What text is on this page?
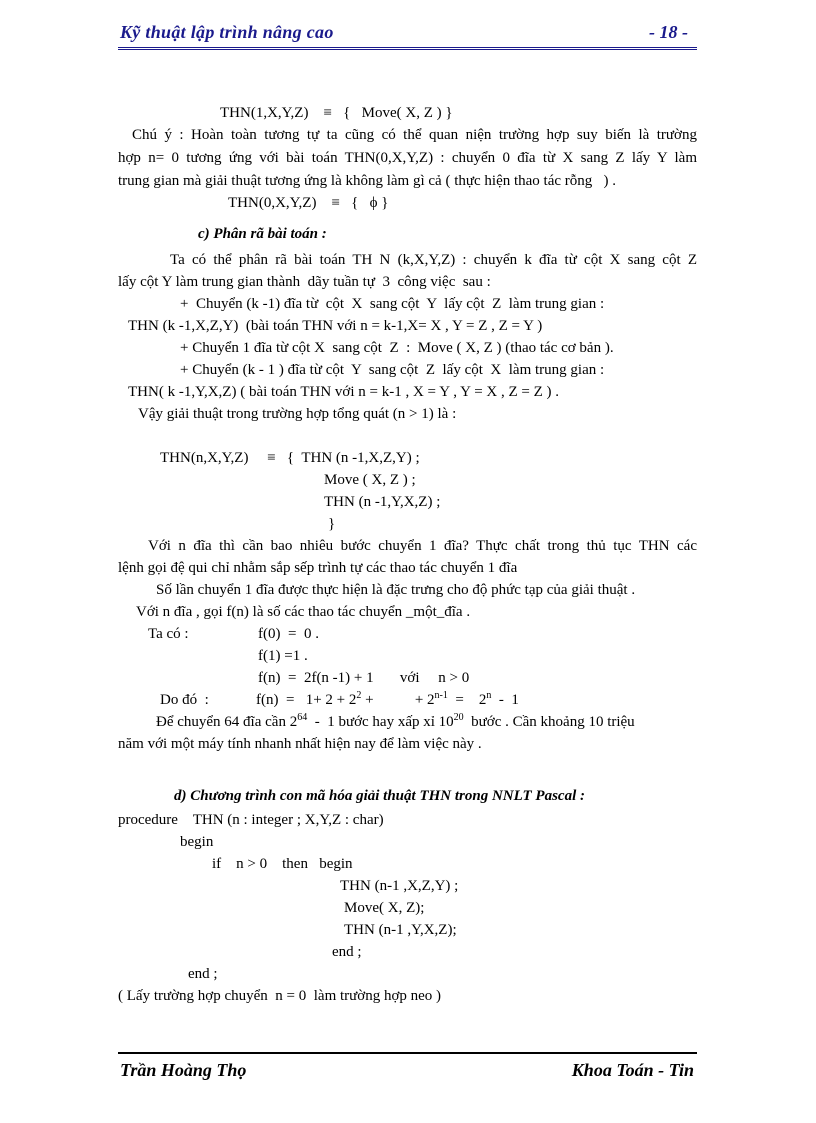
Kỹ thuật lập trình nâng cao	- 18 -
THN(1,X,Y,Z)    ≡   {   Move( X, Z ) }
Chú ý : Hoàn toàn tương tự ta cũng có thể quan niện trường hợp suy biến là trường
hợp n= 0 tương ứng với bài toán THN(0,X,Y,Z) : chuyển 0 đĩa từ X sang Z lấy Y làm
trung gian mà giải thuật tương ứng là không làm gì cả ( thực hiện thao tác rỗng   ) .
THN(0,X,Y,Z)    ≡   {   ϕ }
c) Phân rã bài toán :
Ta có thể phân rã bài toán TH N (k,X,Y,Z) : chuyển k đĩa từ cột X sang cột Z
lấy cột Y làm trung gian thành  dãy tuần tự  3  công việc  sau :
+  Chuyển (k -1) đĩa từ  cột  X  sang cột  Y  lấy cột  Z  làm trung gian :
THN (k -1,X,Z,Y)  (bài toán THN với n = k-1,X= X , Y = Z , Z = Y )
+ Chuyển 1 đĩa từ cột X  sang cột  Z  :  Move ( X, Z ) (thao tác cơ bản ).
+ Chuyển (k - 1 ) đĩa từ cột  Y  sang cột  Z  lấy cột  X  làm trung gian :
THN( k -1,Y,X,Z) ( bài toán THN với n = k-1 , X = Y , Y = X , Z = Z ) .
Vậy giải thuật trong trường hợp tổng quát (n > 1) là :
THN(n,X,Y,Z)     ≡   {  THN (n -1,X,Z,Y) ;
Move ( X, Z ) ;
THN (n -1,Y,X,Z) ;
}
Với n đĩa thì cần bao nhiêu bước chuyển 1 đĩa? Thực chất trong thủ tục THN các
lệnh gọi đệ qui chỉ nhằm sắp sếp trình tự các thao tác chuyển 1 đĩa
Số lần chuyển 1 đĩa được thực hiện là đặc trưng cho độ phức tạp của giải thuật .
Với n đĩa , gọi f(n) là số các thao tác chuyển _một_đĩa .
Ta có :	f(0)  =  0 .
f(1) =1 .
f(n)  =  2f(n -1) + 1       với     n > 0
Do đó  :	$f(n) = 1+ 2 + 2^2$ +           + $2^{n-1}$  =    2$^n$  -  1
Để chuyển 64 đĩa cần $2^{64} - 1$ bước hay xấp xỉ $10^{20}$  bước . Cần khoảng 10 triệu
năm với một máy tính nhanh nhất hiện nay để làm việc này .
d) Chương trình con mã hóa giải thuật THN trong NNLT Pascal :
procedure    THN (n : integer ; X,Y,Z : char)
begin
if    n > 0    then   begin
THN (n-1 ,X,Z,Y) ;
Move( X, Z);
THN (n-1 ,Y,X,Z);
end ;
end ;
( Lấy trường hợp chuyển  n = 0  làm trường hợp neo )
Trần Hoàng Thọ	Khoa Toán - Tin
